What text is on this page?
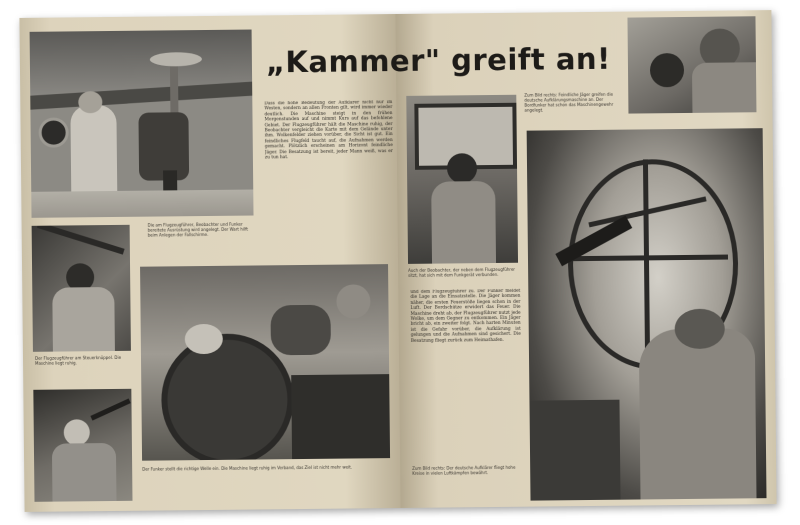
Die am Flugzeugführer, Beobachter und Funker bereitete Ausrüstung wird angelegt. Der Wart hilft beim Anlegen der Fallschirme.
Der Flugzeugführer am Steuerknüppel. Die Maschine liegt ruhig.
Der Funker stellt die richtige Welle ein. Die Maschine liegt ruhig im Verband, das Ziel ist nicht mehr weit.
Dass die hohe Bedeutung der Aufklärer nicht nur im Westen, sondern an allen Fronten gilt, wird immer wieder deutlich. Die Maschine steigt in den frühen Morgenstunden auf und nimmt Kurs auf das befohlene Gebiet. Der Flugzeugführer hält die Maschine ruhig, der Beobachter vergleicht die Karte mit dem Gelände unter ihm. Wolkenfelder ziehen vorüber, die Sicht ist gut. Ein feindliches Flugfeld taucht auf, die Aufnahmen werden gemacht. Plötzlich erscheinen am Horizont feindliche Jäger. Die Besatzung ist bereit, jeder Mann weiß, was er zu tun hat.
Auch der Beobachter, der neben dem Flugzeugführer sitzt, hat sich mit dem Funkgerät verbunden.
Zum Bild rechts: Feindliche Jäger greifen die deutsche Aufklärungsmaschine an. Der Bordfunker hat schon das Maschinengewehr angelegt.
und dem Flugzeugführer zu. Der Funker meldet die Lage an die Einsatzstelle. Die Jäger kommen näher, die ersten Feuerstöße liegen schon in der Luft. Der Bordschütze erwidert das Feuer. Die Maschine dreht ab, der Flugzeugführer nutzt jede Wolke, um dem Gegner zu entkommen. Ein Jäger bricht ab, ein zweiter folgt. Nach harten Minuten ist die Gefahr vorüber, die Aufklärung ist gelungen und die Aufnahmen sind gesichert. Die Besatzung fliegt zurück zum Heimathafen.
Zum Bild rechts: Der deutsche Aufklärer fliegt hohe Kreise in vielen Luftkämpfen bewährt.
„Kammer" greift an!
